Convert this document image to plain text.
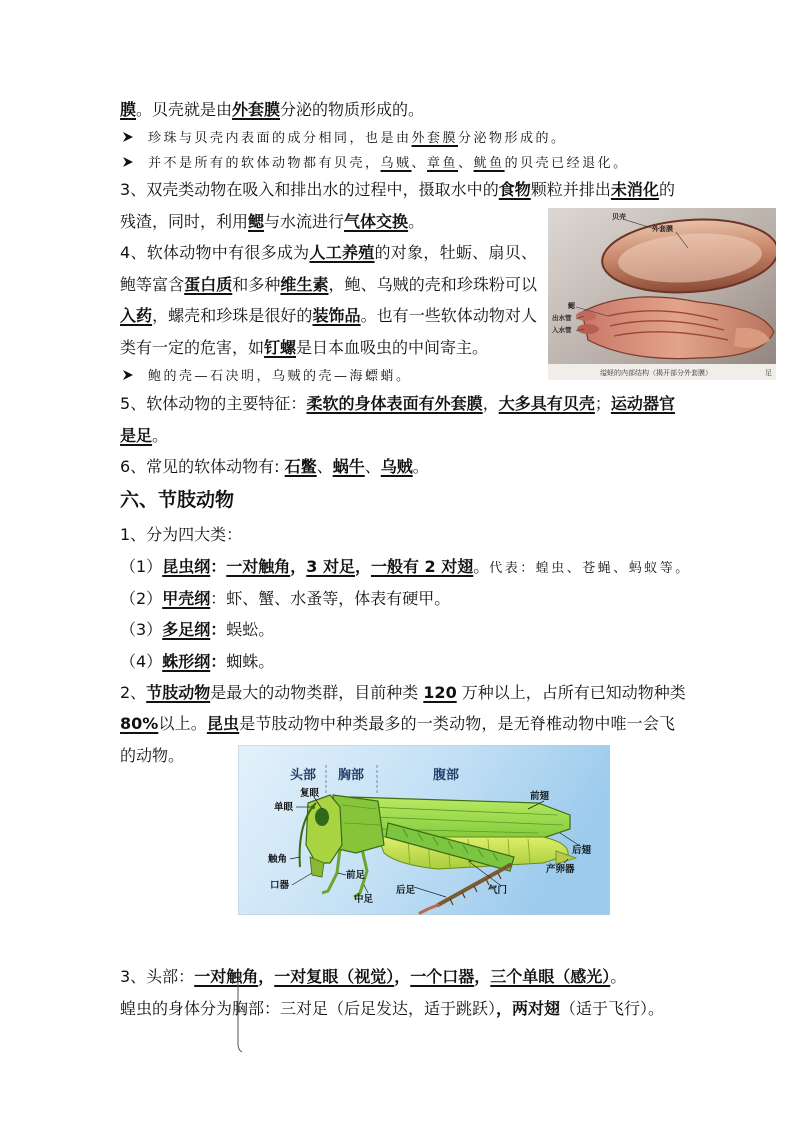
膜。贝壳就是由外套膜分泌的物质形成的。
珍珠与贝壳内表面的成分相同，也是由外套膜分泌物形成的。
并不是所有的软体动物都有贝壳，乌贼、章鱼、鱿鱼的贝壳已经退化。
3、双壳类动物在吸入和排出水的过程中，摄取水中的食物颗粒并排出未消化的
残渣，同时，利用鳃与水流进行气体交换。
4、软体动物中有很多成为人工养殖的对象，牡蛎、扇贝、
鲍等富含蛋白质和多种维生素，鲍、乌贼的壳和珍珠粉可以
入药，螺壳和珍珠是很好的装饰品。也有一些软体动物对人
类有一定的危害，如钉螺是日本血吸虫的中间寄主。
鲍的壳—石决明，乌贼的壳—海螵蛸。
5、软体动物的主要特征：柔软的身体表面有外套膜，大多具有贝壳；运动器官
是足。
6、常见的软体动物有: 石鳖、蜗牛、乌贼。
贝壳
外套膜
鳃
出水管
入水管
缢蛏的内部结构（揭开部分外套膜）	足
六、节肢动物
1、分为四大类：
（1）昆虫纲：一对触角，3 对足，一般有 2 对翅。代表：蝗虫、苍蝇、蚂蚁等。
（2）甲壳纲：虾、蟹、水蚤等，体表有硬甲。
（3）多足纲：蜈蚣。
（4）蛛形纲：蜘蛛。
2、节肢动物是最大的动物类群，目前种类 120 万种以上，占所有已知动物种类
80%以上。昆虫是节肢动物中种类最多的一类动物，是无脊椎动物中唯一会飞
的动物。
头部 胸部	腹部
复眼
单眼
触角
口器
前足
中足
后足	气门
前翅
后翅
产卵器
3、头部：一对触角，一对复眼（视觉），一个口器，三个单眼（感光）。
蝗虫的身体分为胸部：三对足（后足发达，适于跳跃），两对翅（适于飞行）。
